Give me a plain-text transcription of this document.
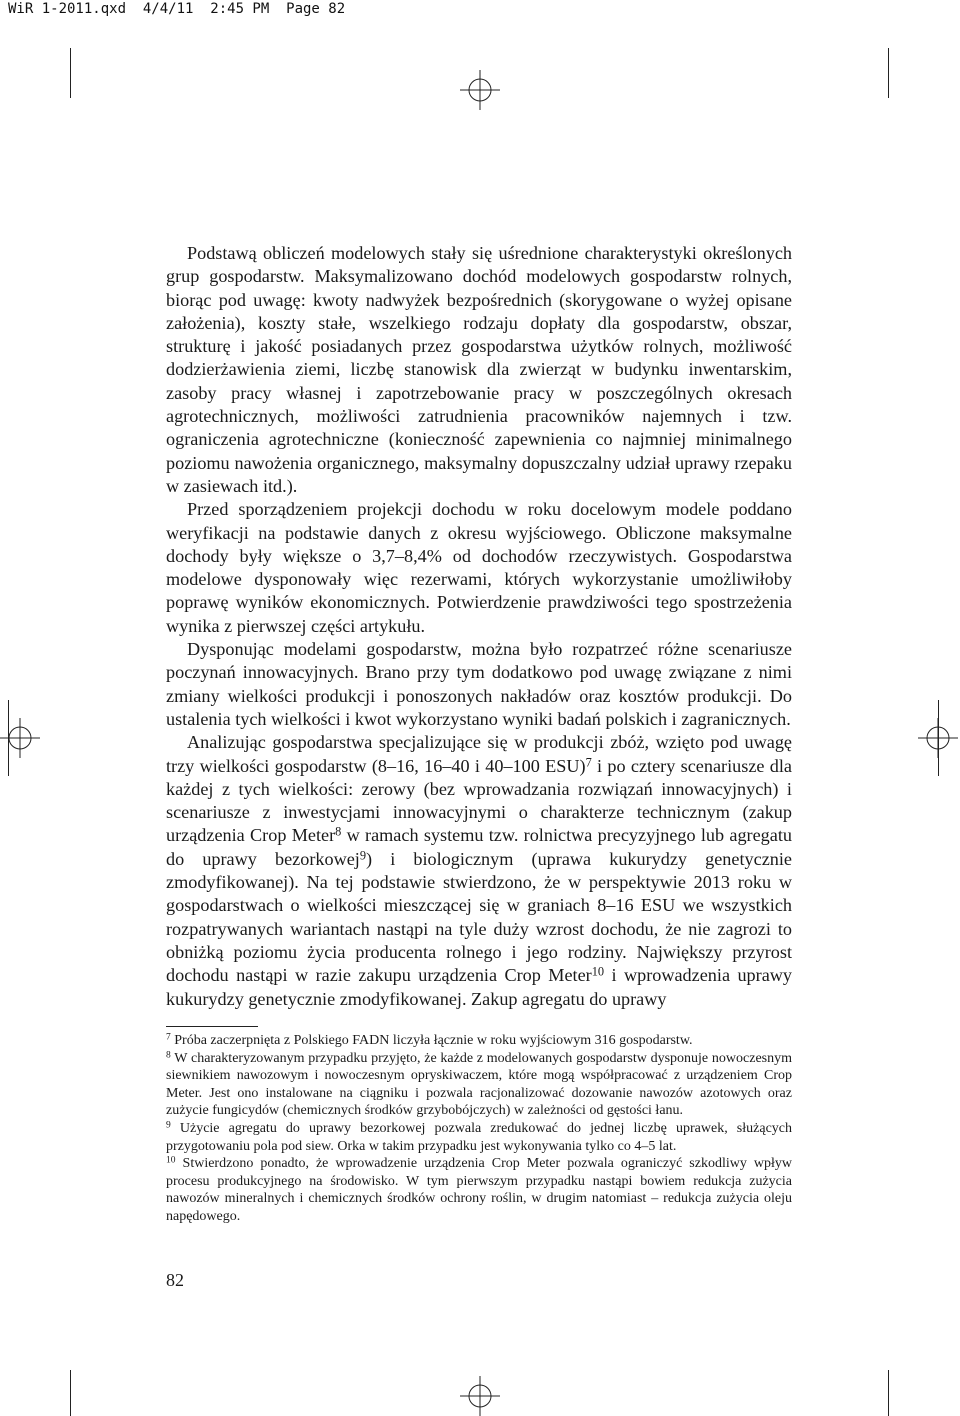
WiR 1-2011.qxd  4/4/11  2:45 PM  Page 82

Podstawą obliczeń modelowych stały się uśrednione charakterystyki określonych grup gospodarstw. Maksymalizowano dochód modelowych gospodarstw rolnych, biorąc pod uwagę: kwoty nadwyżek bezpośrednich (skorygowane o wyżej opisane założenia), koszty stałe, wszelkiego rodzaju dopłaty dla gospodarstw, obszar, strukturę i jakość posiadanych przez gospodarstwa użytków rolnych, możliwość dodzierżawienia ziemi, liczbę stanowisk dla zwierząt w budynku inwentarskim, zasoby pracy własnej i zapotrzebowanie pracy w poszczególnych okresach agrotechnicznych, możliwości zatrudnienia pracowników najemnych i tzw. ograniczenia agrotechniczne (konieczność zapewnienia co najmniej minimalnego poziomu nawożenia organicznego, maksymalny dopuszczalny udział uprawy rzepaku w zasiewach itd.).

Przed sporządzeniem projekcji dochodu w roku docelowym modele poddano weryfikacji na podstawie danych z okresu wyjściowego. Obliczone maksymalne dochody były większe o 3,7–8,4% od dochodów rzeczywistych. Gospodarstwa modelowe dysponowały więc rezerwami, których wykorzystanie umożliwiłoby poprawę wyników ekonomicznych. Potwierdzenie prawdziwości tego spostrzeżenia wynika z pierwszej części artykułu.

Dysponując modelami gospodarstw, można było rozpatrzeć różne scenariusze poczynań innowacyjnych. Brano przy tym dodatkowo pod uwagę związane z nimi zmiany wielkości produkcji i ponoszonych nakładów oraz kosztów produkcji. Do ustalenia tych wielkości i kwot wykorzystano wyniki badań polskich i zagranicznych.

Analizując gospodarstwa specjalizujące się w produkcji zbóż, wzięto pod uwagę trzy wielkości gospodarstw (8–16, 16–40 i 40–100 ESU)$^7$ i po cztery scenariusze dla każdej z tych wielkości: zerowy (bez wprowadzania rozwiązań innowacyjnych) i scenariusze z inwestycjami innowacyjnymi o charakterze technicznym (zakup urządzenia Crop Meter$^8$ w ramach systemu tzw. rolnictwa precyzyjnego lub agregatu do uprawy bezorkowej$^9$) i biologicznym (uprawa kukurydzy genetycznie zmodyfikowanej). Na tej podstawie stwierdzono, że w perspektywie 2013 roku w gospodarstwach o wielkości mieszczącej się w graniach 8–16 ESU we wszystkich rozpatrywanych wariantach nastąpi na tyle duży wzrost dochodu, że nie zagrozi to obniżką poziomu życia producenta rolnego i jego rodziny. Największy przyrost dochodu nastąpi w razie zakupu urządzenia Crop Meter$^{10}$ i wprowadzenia uprawy kukurydzy genetycznie zmodyfikowanej. Zakup agregatu do uprawy

$^7$ Próba zaczerpnięta z Polskiego FADN liczyła łącznie w roku wyjściowym 316 gospodarstw.

$^8$ W charakteryzowanym przypadku przyjęto, że każde z modelowanych gospodarstw dysponuje nowoczesnym siewnikiem nawozowym i nowoczesnym opryskiwaczem, które mogą współpracować z urządzeniem Crop Meter. Jest ono instalowane na ciągniku i pozwala racjonalizować dozowanie nawozów azotowych oraz zużycie fungicydów (chemicznych środków grzybobójczych) w zależności od gęstości łanu.

$^9$ Użycie agregatu do uprawy bezorkowej pozwala zredukować do jednej liczbę uprawek, służących przygotowaniu pola pod siew. Orka w takim przypadku jest wykonywania tylko co 4–5 lat.

$^{10}$ Stwierdzono ponadto, że wprowadzenie urządzenia Crop Meter pozwala ograniczyć szkodliwy wpływ procesu produkcyjnego na środowisko. W tym pierwszym przypadku nastąpi bowiem redukcja zużycia nawozów mineralnych i chemicznych środków ochrony roślin, w drugim natomiast – redukcja zużycia oleju napędowego.

82
